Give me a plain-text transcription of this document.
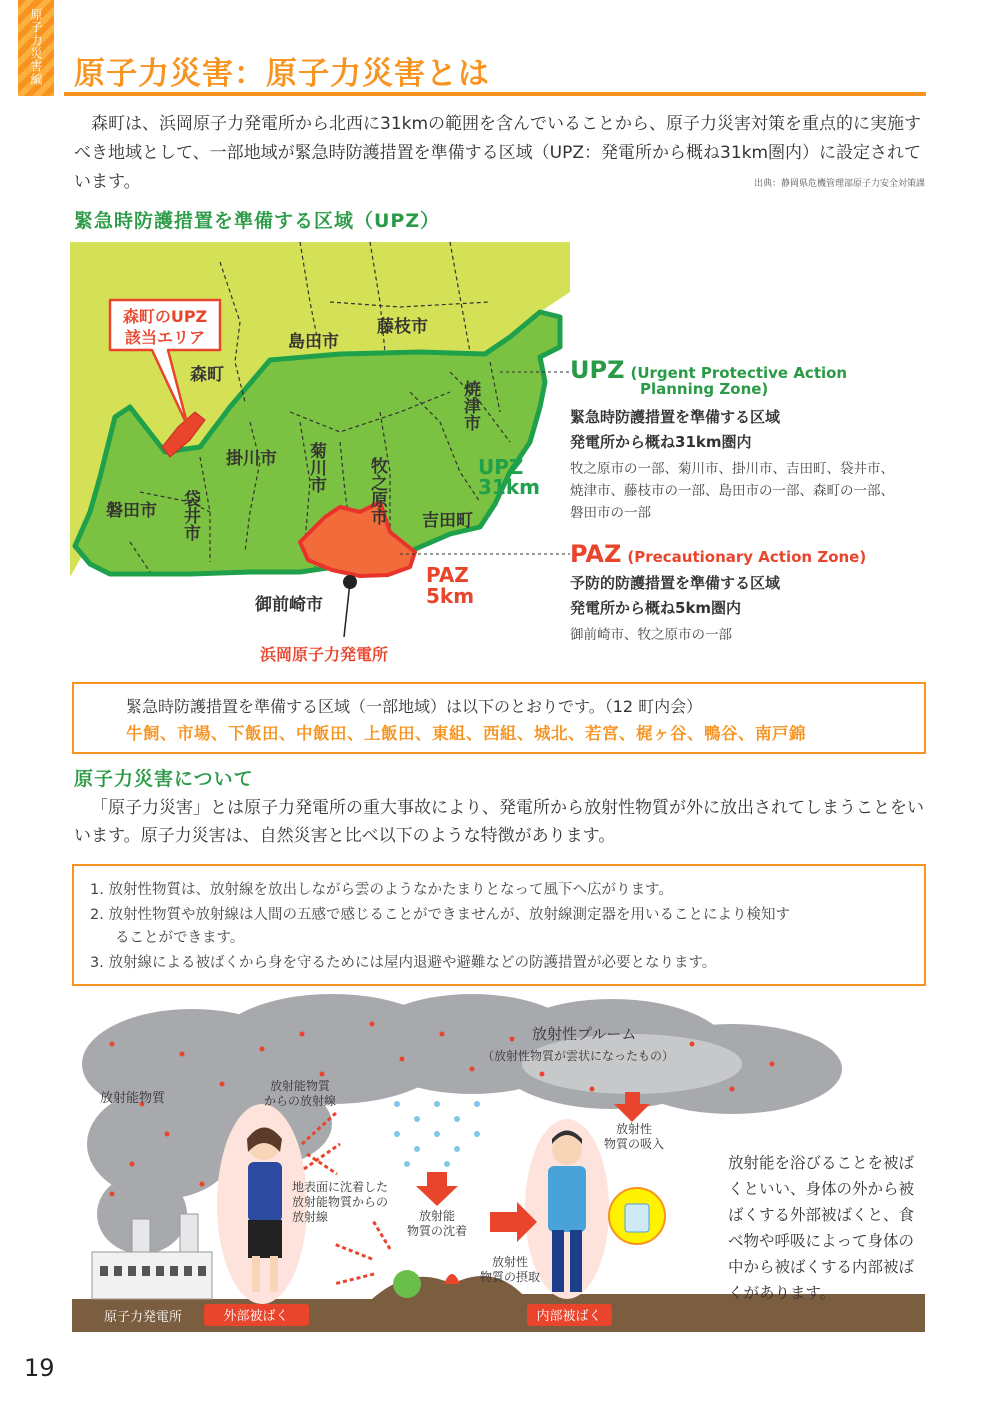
原子力災害編 原子力災害：原子力災害とは
森町は、浜岡原子力発電所から北西に31kmの範囲を含んでいることから、原子力災害対策を重点的に実施すべき地域として、一部地域が緊急時防護措置を準備する区域（UPZ：発電所から概ね31km圏内）に設定されています。	出典：静岡県危機管理部原子力安全対策課
緊急時防護措置を準備する区域（UPZ）
森町のUPZ
該当エリア	島田市
藤枝市
森町
掛川市
磐田市	吉田町
御前崎市
浜岡原子力発電所
袋井市
菊川市 牧之原市
焼津市
UPZ
31km
PAZ
5km
UPZ (Urgent Protective Action
Planning Zone)
緊急時防護措置を準備する区域
発電所から概ね31km圏内
牧之原市の一部、菊川市、掛川市、吉田町、袋井市、
焼津市、藤枝市の一部、島田市の一部、森町の一部、
磐田市の一部
PAZ (Precautionary Action Zone)
予防的防護措置を準備する区域
発電所から概ね5km圏内
御前崎市、牧之原市の一部
緊急時防護措置を準備する区域（一部地域）は以下のとおりです。（12 町内会）
牛飼、市場、下飯田、中飯田、上飯田、東組、西組、城北、若宮、梶ヶ谷、鴨谷、南戸錦
原子力災害について
「原子力災害」とは原子力発電所の重大事故により、発電所から放射性物質が外に放出されてしまうことをいいます。原子力災害は、自然災害と比べ以下のような特徴があります。
1. 放射性物質は、放射線を放出しながら雲のようなかたまりとなって風下へ広がります。
2. 放射性物質や放射線は人間の五感で感じることができませんが、放射線測定器を用いることにより検知す
ることができます。
3. 放射線による被ばくから身を守るためには屋内退避や避難などの防護措置が必要となります。
放射性プルーム
（放射性物質が雲状になったもの）
放射能物質
放射能物質
からの放射線
放射性
物質の吸入
地表面に沈着した
放射能物質からの
放射線	放射能
物質の沈着
放射性
物質の摂取
原子力発電所	外部被ばく	内部被ばく
放射能を浴びることを被ばくといい、身体の外から被ばくする外部被ばくと、食べ物や呼吸によって身体の中から被ばくする内部被ばくがあります。
19
